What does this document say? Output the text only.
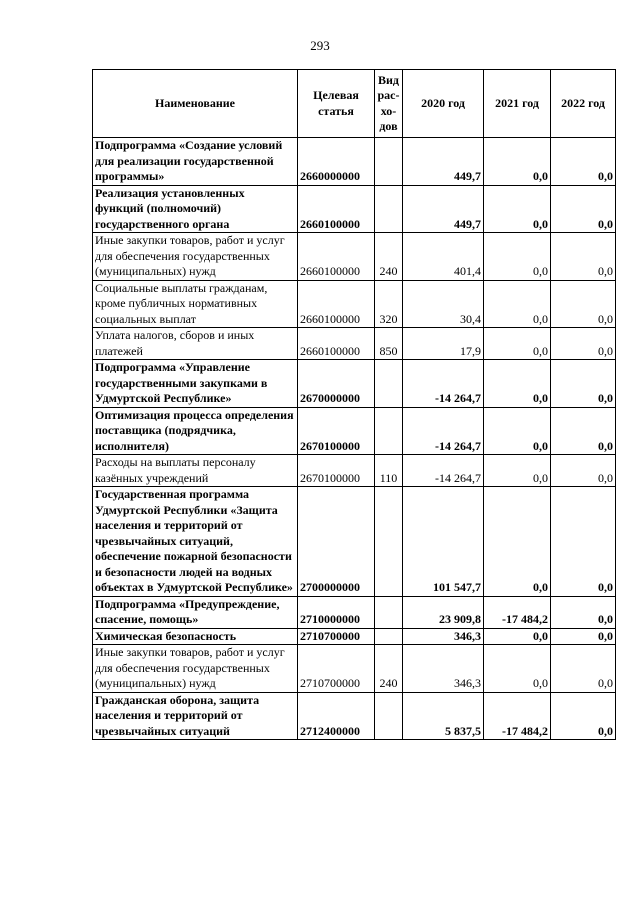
293
Наименование	Целевая статья	Вид рас- хо- дов	2020 год	2021 год	2022 год
Подпрограмма «Создание условий для реализации государственной программы»	2660000000		449,7	0,0	0,0
Реализация установленных функций (полномочий) государственного органа	2660100000		449,7	0,0	0,0
Иные закупки товаров, работ и услуг для обеспечения государственных (муниципальных) нужд	2660100000	240	401,4	0,0	0,0
Социальные выплаты гражданам, кроме публичных нормативных социальных выплат	2660100000	320	30,4	0,0	0,0
Уплата налогов, сборов и иных платежей	2660100000	850	17,9	0,0	0,0
Подпрограмма «Управление государственными закупками в Удмуртской Республике»	2670000000		-14 264,7	0,0	0,0
Оптимизация процесса определения поставщика (подрядчика, исполнителя)	2670100000		-14 264,7	0,0	0,0
Расходы на выплаты персоналу казённых учреждений	2670100000	110	-14 264,7	0,0	0,0
Государственная программа Удмуртской Республики «Защита населения и территорий от чрезвычайных ситуаций, обеспечение пожарной безопасности и безопасности людей на водных объектах в Удмуртской Республике»	2700000000		101 547,7	0,0	0,0
Подпрограмма «Предупреждение, спасение, помощь»	2710000000		23 909,8	-17 484,2	0,0
Химическая безопасность	2710700000		346,3	0,0	0,0
Иные закупки товаров, работ и услуг для обеспечения государственных (муниципальных) нужд	2710700000	240	346,3	0,0	0,0
Гражданская оборона, защита населения и территорий от чрезвычайных ситуаций	2712400000		5 837,5	-17 484,2	0,0
